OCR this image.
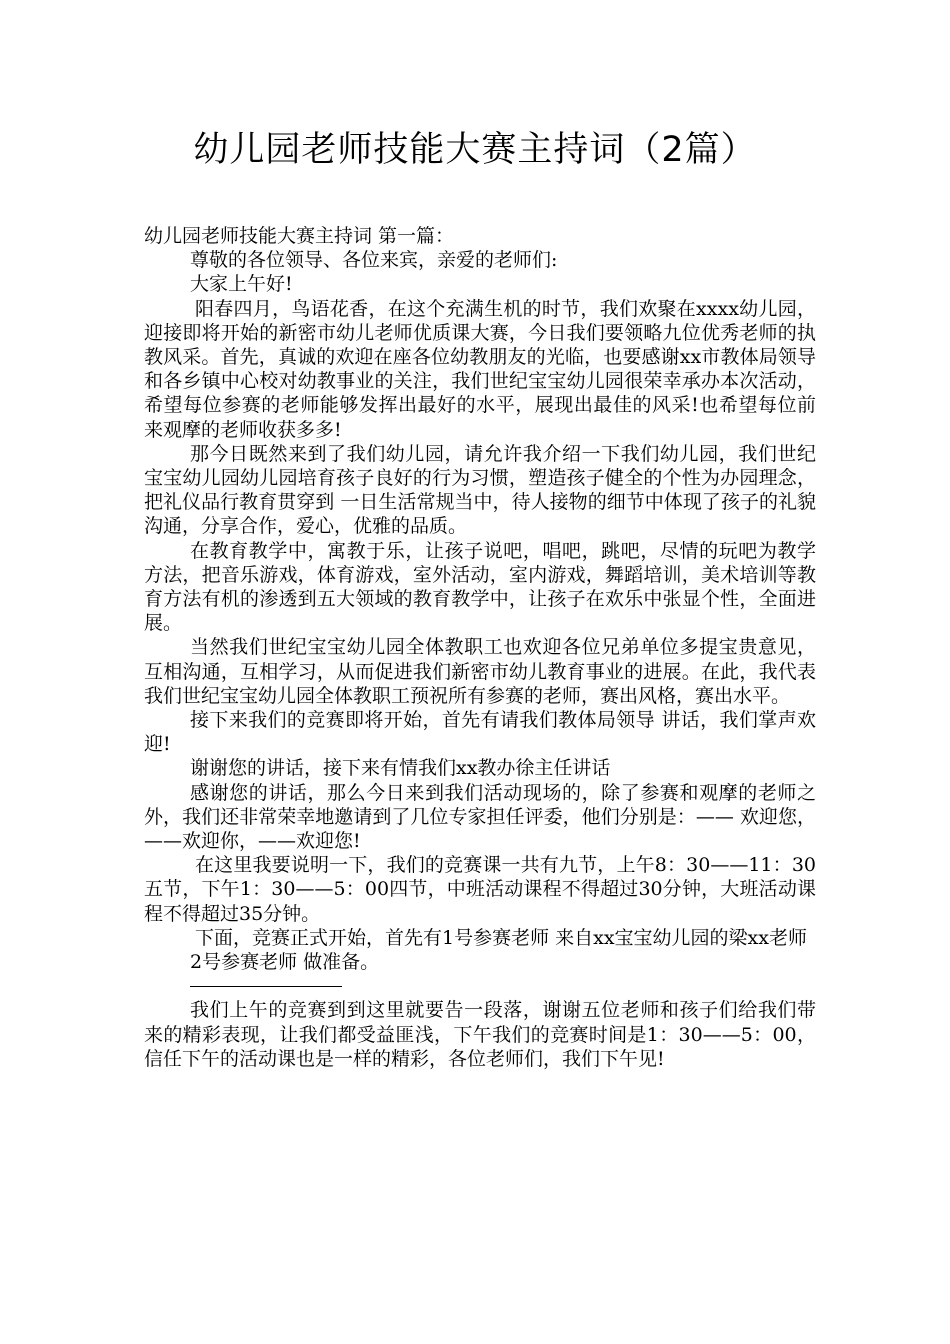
幼儿园老师技能大赛主持词（2篇）

幼儿园老师技能大赛主持词 第一篇：

尊敬的各位领导、各位来宾，亲爱的老师们:

大家上午好!

阳春四月，鸟语花香，在这个充满生机的时节，我们欢聚在xxxx幼儿园，迎接即将开始的新密市幼儿老师优质课大赛，今日我们要领略九位优秀老师的执教风采。首先，真诚的欢迎在座各位幼教朋友的光临，也要感谢xx市教体局领导和各乡镇中心校对幼教事业的关注，我们世纪宝宝幼儿园很荣幸承办本次活动，希望每位参赛的老师能够发挥出最好的水平，展现出最佳的风采!也希望每位前来观摩的老师收获多多!

那今日既然来到了我们幼儿园，请允许我介绍一下我们幼儿园，我们世纪宝宝幼儿园幼儿园培育孩子良好的行为习惯，塑造孩子健全的个性为办园理念，把礼仪品行教育贯穿到 一日生活常规当中，待人接物的细节中体现了孩子的礼貌沟通，分享合作，爱心，优雅的品质。

在教育教学中，寓教于乐，让孩子说吧，唱吧，跳吧，尽情的玩吧为教学方法，把音乐游戏，体育游戏，室外活动，室内游戏，舞蹈培训，美术培训等教育方法有机的渗透到五大领域的教育教学中，让孩子在欢乐中张显个性，全面进展。

当然我们世纪宝宝幼儿园全体教职工也欢迎各位兄弟单位多提宝贵意见，互相沟通，互相学习，从而促进我们新密市幼儿教育事业的进展。在此，我代表我们世纪宝宝幼儿园全体教职工预祝所有参赛的老师，赛出风格，赛出水平。

接下来我们的竞赛即将开始，首先有请我们教体局领导 讲话，我们掌声欢迎!

谢谢您的讲话，接下来有情我们xx教办徐主任讲话

感谢您的讲话，那么今日来到我们活动现场的，除了参赛和观摩的老师之外，我们还非常荣幸地邀请到了几位专家担任评委，他们分别是：—— 欢迎您，——欢迎你，——欢迎您!

在这里我要说明一下，我们的竞赛课一共有九节，上午8：30——11：30 五节，下午1：30——5：00四节，中班活动课程不得超过30分钟，大班活动课程不得超过35分钟。

下面，竞赛正式开始，首先有1号参赛老师 来自xx宝宝幼儿园的梁xx老师

2号参赛老师 做准备。

我们上午的竞赛到到这里就要告一段落，谢谢五位老师和孩子们给我们带来的精彩表现，让我们都受益匪浅，下午我们的竞赛时间是1：30——5：00，信任下午的活动课也是一样的精彩，各位老师们，我们下午见!
